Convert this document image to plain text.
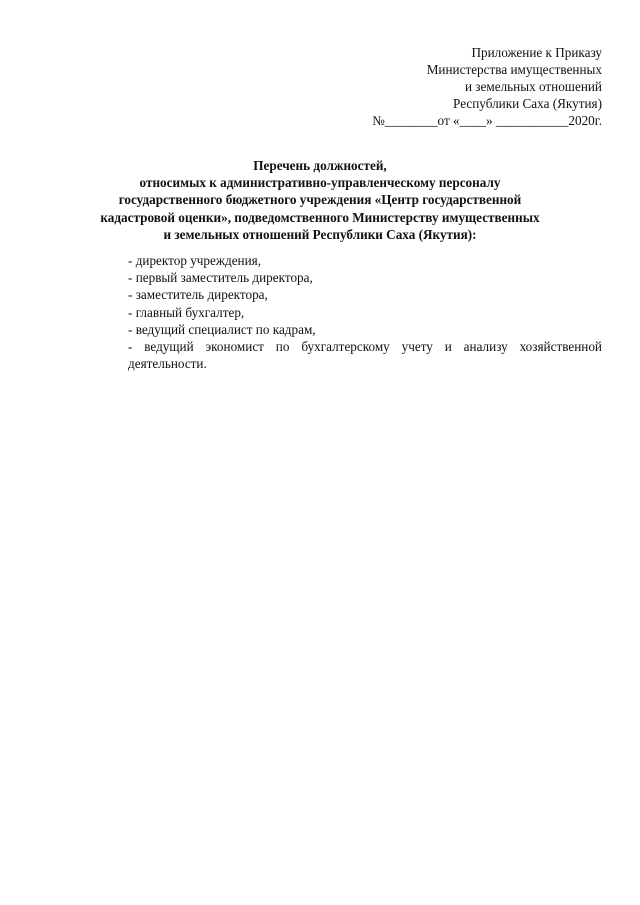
Приложение к Приказу
Министерства имущественных
и земельных отношений
Республики Саха (Якутия)
№________от «____» ___________2020г.
Перечень должностей,
относимых к административно-управленческому персоналу
государственного бюджетного учреждения «Центр государственной
кадастровой оценки», подведомственного Министерству имущественных
и земельных отношений Республики Саха (Якутия):
- директор учреждения,
- первый заместитель директора,
- заместитель директора,
- главный бухгалтер,
- ведущий специалист по кадрам,
- ведущий экономист по бухгалтерскому учету и анализу хозяйственной деятельности.
